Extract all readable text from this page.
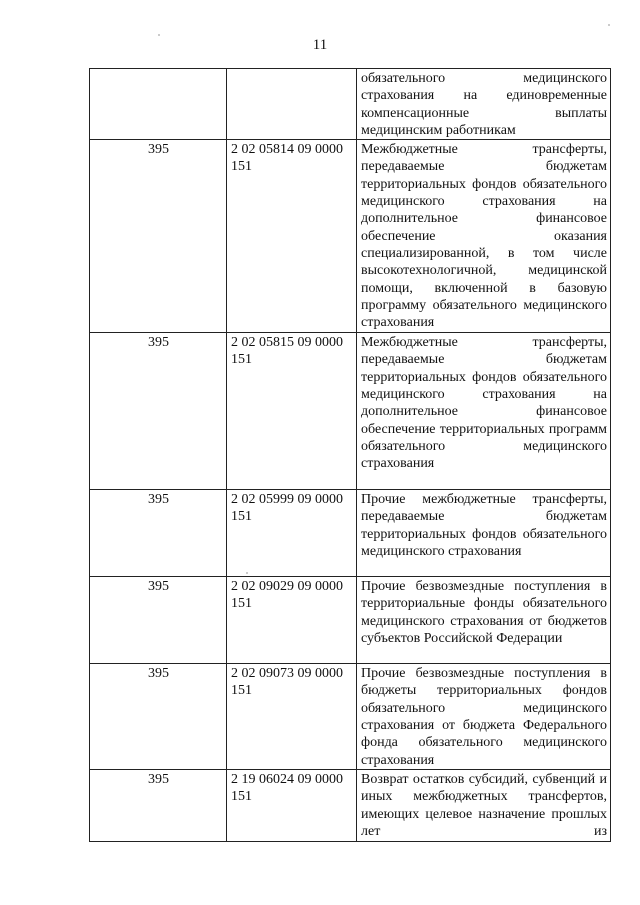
11
		обязательного медицинского страхования на единовременные компенсационные выплаты медицинским работникам
395	2 02 05814 09 0000 151	Межбюджетные трансферты, передаваемые бюджетам территориальных фондов обязательного медицинского страхования на дополнительное финансовое обеспечение оказания специализированной, в том числе высокотехнологичной, медицинской помощи, включенной в базовую программу обязательного медицинского страхования
395	2 02 05815 09 0000 151	Межбюджетные трансферты, передаваемые бюджетам территориальных фондов обязательного медицинского страхования на дополнительное финансовое обеспечение территориальных программ обязательного медицинского страхования
395	2 02 05999 09 0000 151	Прочие межбюджетные трансферты, передаваемые бюджетам территориальных фондов обязательного медицинского страхования
395	2 02 09029 09 0000 151	Прочие безвозмездные поступления в территориальные фонды обязательного медицинского страхования от бюджетов субъектов Российской Федерации
395	2 02 09073 09 0000 151	Прочие безвозмездные поступления в бюджеты территориальных фондов обязательного медицинского страхования от бюджета Федерального фонда обязательного медицинского страхования
395	2 19 06024 09 0000 151	Возврат остатков субсидий, субвенций и иных межбюджетных трансфертов, имеющих целевое назначение прошлых лет из
